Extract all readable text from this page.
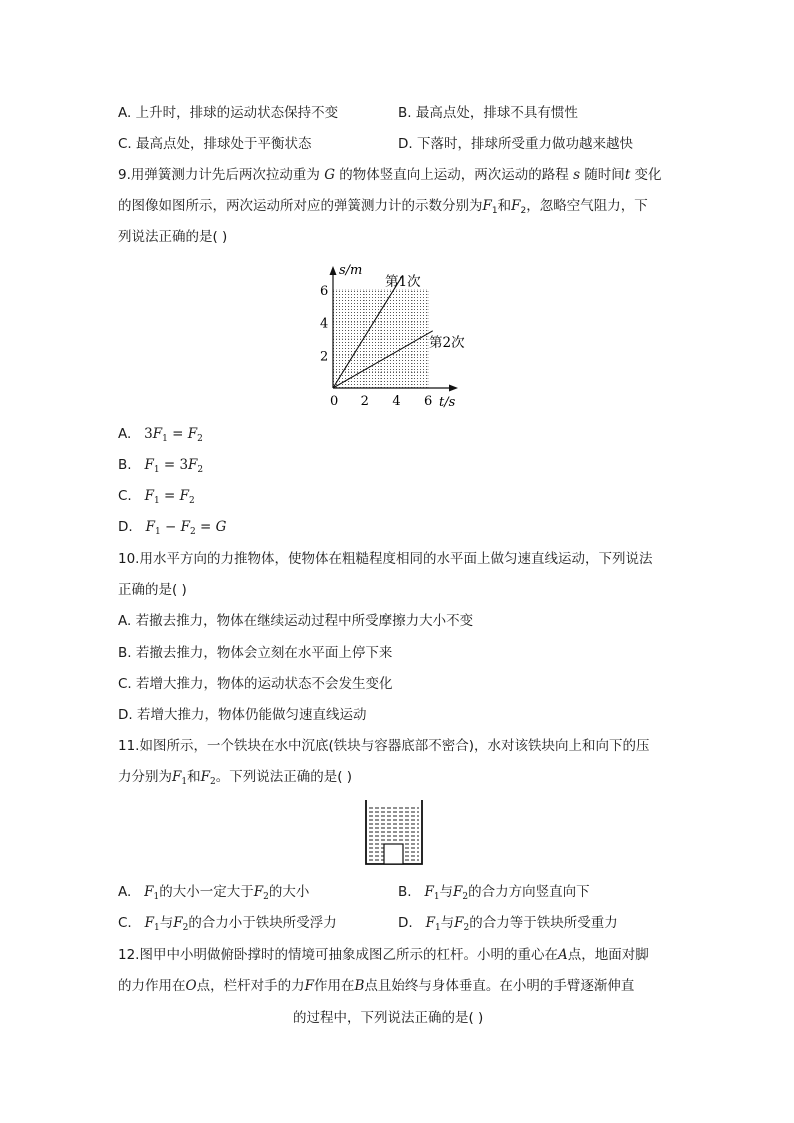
A. 上升时，排球的运动状态保持不变	B. 最高点处，排球不具有惯性
C. 最高点处，排球处于平衡状态	D. 下落时，排球所受重力做功越来越快
9.用弹簧测力计先后两次拉动重为 G 的物体竖直向上运动，两次运动的路程 s 随时间t 变化
的图像如图所示，两次运动所对应的弹簧测力计的示数分别为$F_1$和$F_2$，忽略空气阻力，下
列说法正确的是( )
s/m
t/s
0 2 4 6
2
4
6
第1次
第2次
A. $3F_1 = F_2$
B. $F_1 = 3F_2$
C. $F_1 = F_2$
D. $F_1 - F_2 = G$
10.用水平方向的力推物体，使物体在粗糙程度相同的水平面上做匀速直线运动，下列说法
正确的是( )
A. 若撤去推力，物体在继续运动过程中所受摩擦力大小不变
B. 若撤去推力，物体会立刻在水平面上停下来
C. 若增大推力，物体的运动状态不会发生变化
D. 若增大推力，物体仍能做匀速直线运动
11.如图所示，一个铁块在水中沉底(铁块与容器底部不密合)，水对该铁块向上和向下的压
力分别为$F_1$和$F_2$。下列说法正确的是( )
A. $F_1$的大小一定大于$F_2$的大小	B. $F_1$与$F_2$的合力方向竖直向下
C. $F_1$与$F_2$的合力小于铁块所受浮力	D. $F_1$与$F_2$的合力等于铁块所受重力
12.图甲中小明做俯卧撑时的情境可抽象成图乙所示的杠杆。小明的重心在A点，地面对脚
的力作用在O点，栏杆对手的力F作用在B点且始终与身体垂直。在小明的手臂逐渐伸直
的过程中，下列说法正确的是( )
